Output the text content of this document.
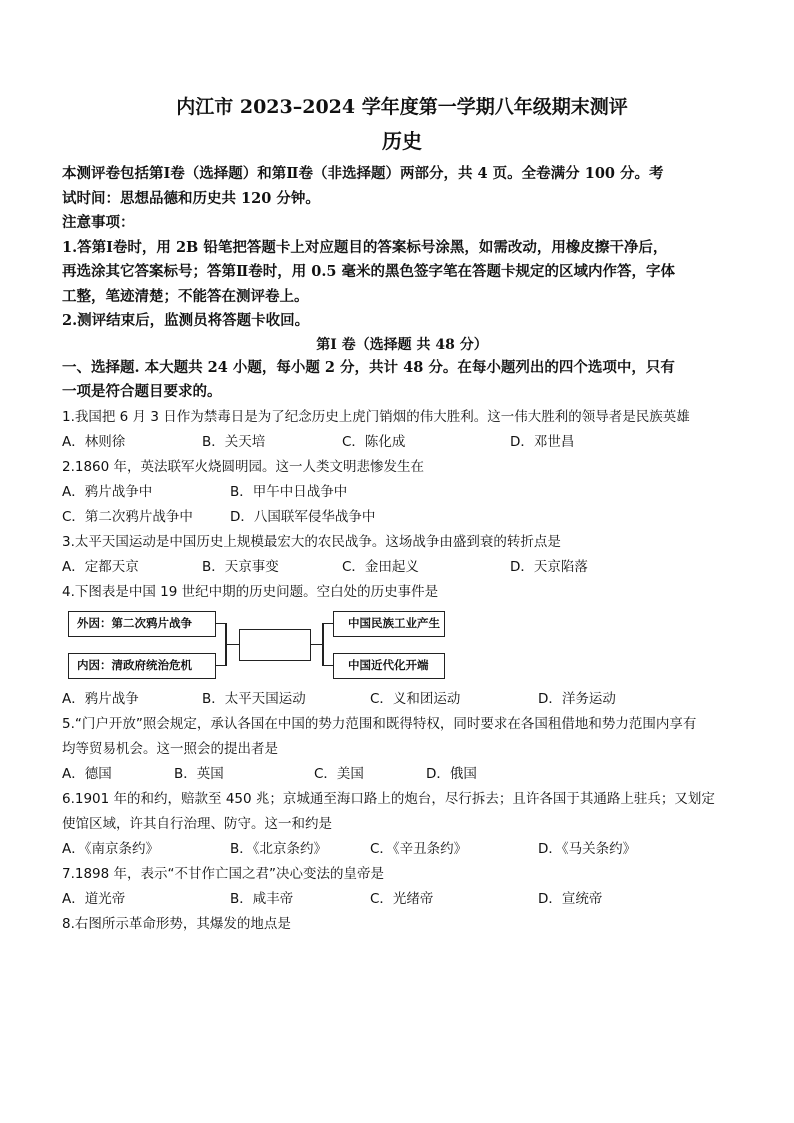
内江市 2023–2024 学年度第一学期八年级期末测评

历史

本测评卷包括第Ⅰ卷（选择题）和第Ⅱ卷（非选择题）两部分，共 4 页。全卷满分 100 分。考

试时间：思想品德和历史共 120 分钟。

注意事项：

1.答第Ⅰ卷时，用 2B 铅笔把答题卡上对应题目的答案标号涂黑，如需改动，用橡皮擦干净后，

再选涂其它答案标号；答第Ⅱ卷时，用 0.5 毫米的黑色签字笔在答题卡规定的区域内作答，字体

工整，笔迹清楚；不能答在测评卷上。

2.测评结束后，监测员将答题卡收回。

第Ⅰ 卷（选择题 共 48 分）

一、选择题. 本大题共 24 小题，每小题 2 分，共计 48 分。在每小题列出的四个选项中，只有

一项是符合题目要求的。

1.我国把 6 月 3 日作为禁毒日是为了纪念历史上虎门销烟的伟大胜利。这一伟大胜利的领导者是民族英雄

A．林则徐	B．关天培	C．陈化成	D．邓世昌

2.1860 年，英法联军火烧圆明园。这一人类文明悲惨发生在

A．鸦片战争中	B．甲午中日战争中
C．第二次鸦片战争中	D．八国联军侵华战争中

3.太平天国运动是中国历史上规模最宏大的农民战争。这场战争由盛到衰的转折点是

A．定都天京	B．天京事变	C．金田起义	D．天京陷落

4.下图表是中国 19 世纪中期的历史问题。空白处的历史事件是

外因：第二次鸦片战争
内因：清政府统治危机
中国民族工业产生
中国近代化开端
A．鸦片战争	B．太平天国运动	C．义和团运动	D．洋务运动

5.“门户开放”照会规定，承认各国在中国的势力范围和既得特权，同时要求在各国租借地和势力范围内享有

均等贸易机会。这一照会的提出者是

A．德国	B．英国	C．美国	D．俄国

6.1901 年的和约，赔款至 450 兆；京城通至海口路上的炮台，尽行拆去；且许各国于其通路上驻兵；又划定

使馆区域，许其自行治理、防守。这一和约是

A．《南京条约》	B．《北京条约》	C．《辛丑条约》	D．《马关条约》

7.1898 年，表示“不甘作亡国之君”决心变法的皇帝是

A．道光帝	B．咸丰帝	C．光绪帝	D．宣统帝

8.右图所示革命形势，其爆发的地点是
